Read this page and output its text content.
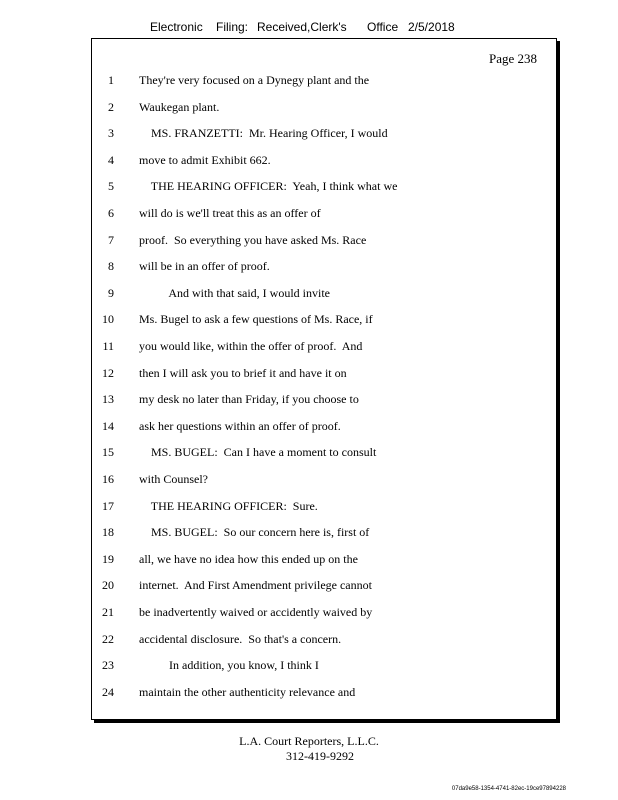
Electronic Filing: Received,Clerk's Office 2/5/2018
Page 238
1 They're very focused on a Dynegy plant and the
2 Waukegan plant.
3 MS. FRANZETTI:  Mr. Hearing Officer, I would
4 move to admit Exhibit 662.
5 THE HEARING OFFICER:  Yeah, I think what we
6 will do is we'll treat this as an offer of
7 proof.  So everything you have asked Ms. Race
8 will be in an offer of proof.
9 And with that said, I would invite
10 Ms. Bugel to ask a few questions of Ms. Race, if
11 you would like, within the offer of proof.  And
12 then I will ask you to brief it and have it on
13 my desk no later than Friday, if you choose to
14 ask her questions within an offer of proof.
15 MS. BUGEL:  Can I have a moment to consult
16 with Counsel?
17 THE HEARING OFFICER:  Sure.
18 MS. BUGEL:  So our concern here is, first of
19 all, we have no idea how this ended up on the
20 internet.  And First Amendment privilege cannot
21 be inadvertently waived or accidently waived by
22 accidental disclosure.  So that's a concern.
23 In addition, you know, I think I
24 maintain the other authenticity relevance and
L.A. Court Reporters, L.L.C.
312-419-9292
07da9e58-1354-4741-82ec-19ce97894228
